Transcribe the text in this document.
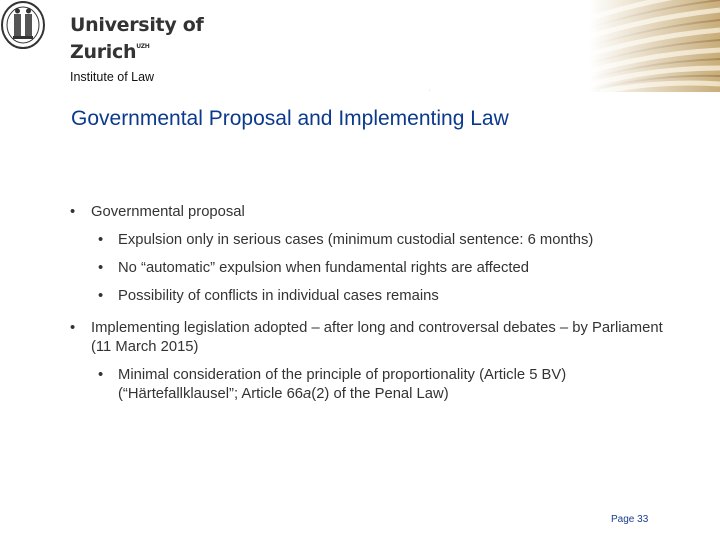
University of
Zurich$^{UZH}$
Institute of Law
Governmental Proposal and Implementing Law
• Governmental proposal
• Expulsion only in serious cases (minimum custodial sentence: 6 months)
• No “automatic” expulsion when fundamental rights are affected
• Possibility of conflicts in individual cases remains
• Implementing legislation adopted – after long and controversal debates – by Parliament (11 March 2015)
• Minimal consideration of the principle of proportionality (Article 5 BV) (“Härtefallklausel”; Article 66a(2) of the Penal Law)
Page 33
